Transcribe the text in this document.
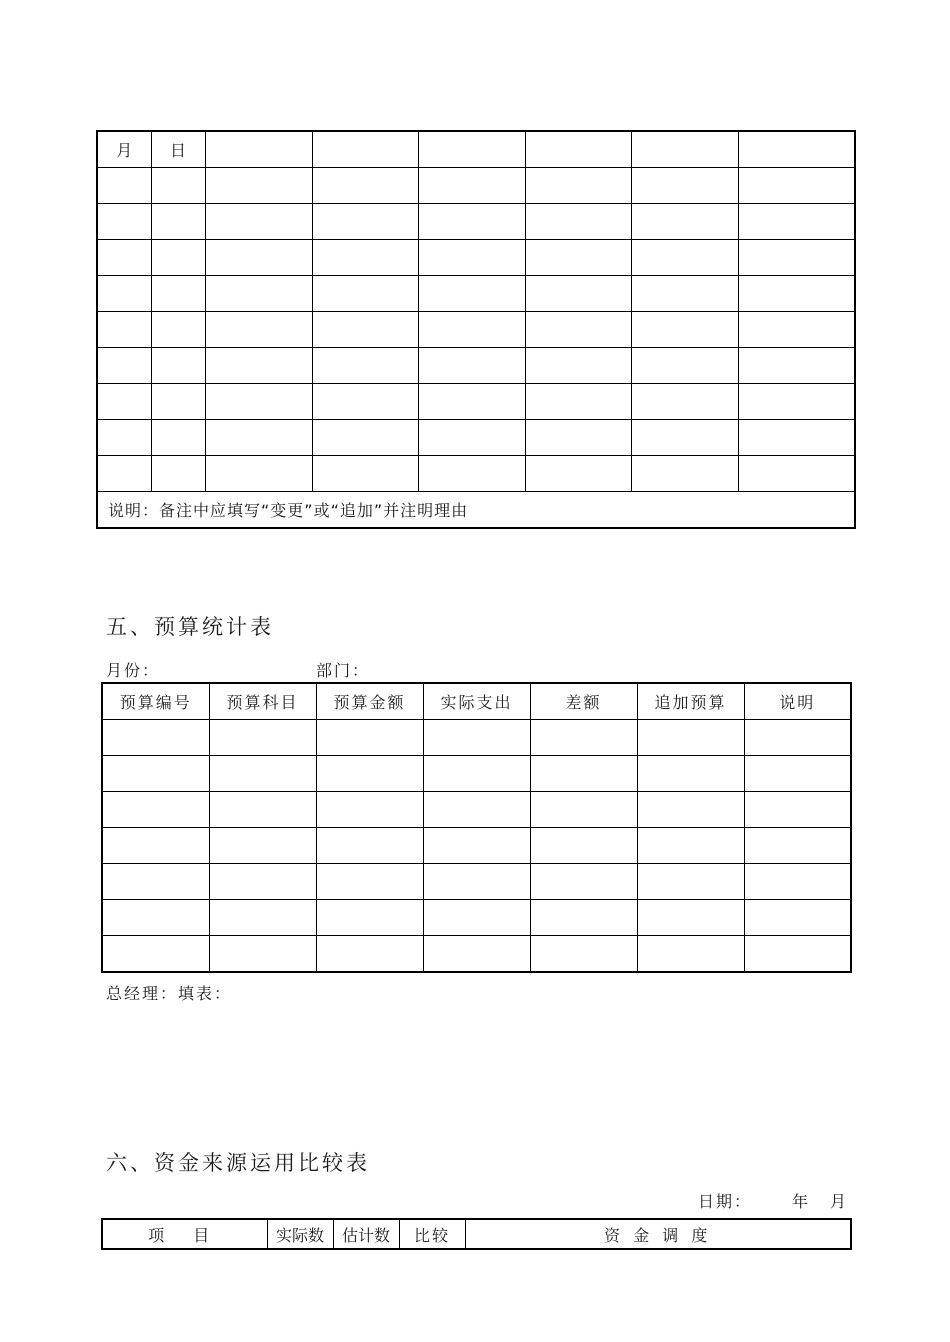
月	日						

说明：备注中应填写“变更”或“追加”并注明理由							
五、预算统计表
月份：	部门：
预算编号	预算科目	预算金额	实际支出	差额	追加预算	说明

总经理：填表：
六、资金来源运用比较表
日期： 年 月
项 目	实际数	估计数	比较	资 金 调 度
